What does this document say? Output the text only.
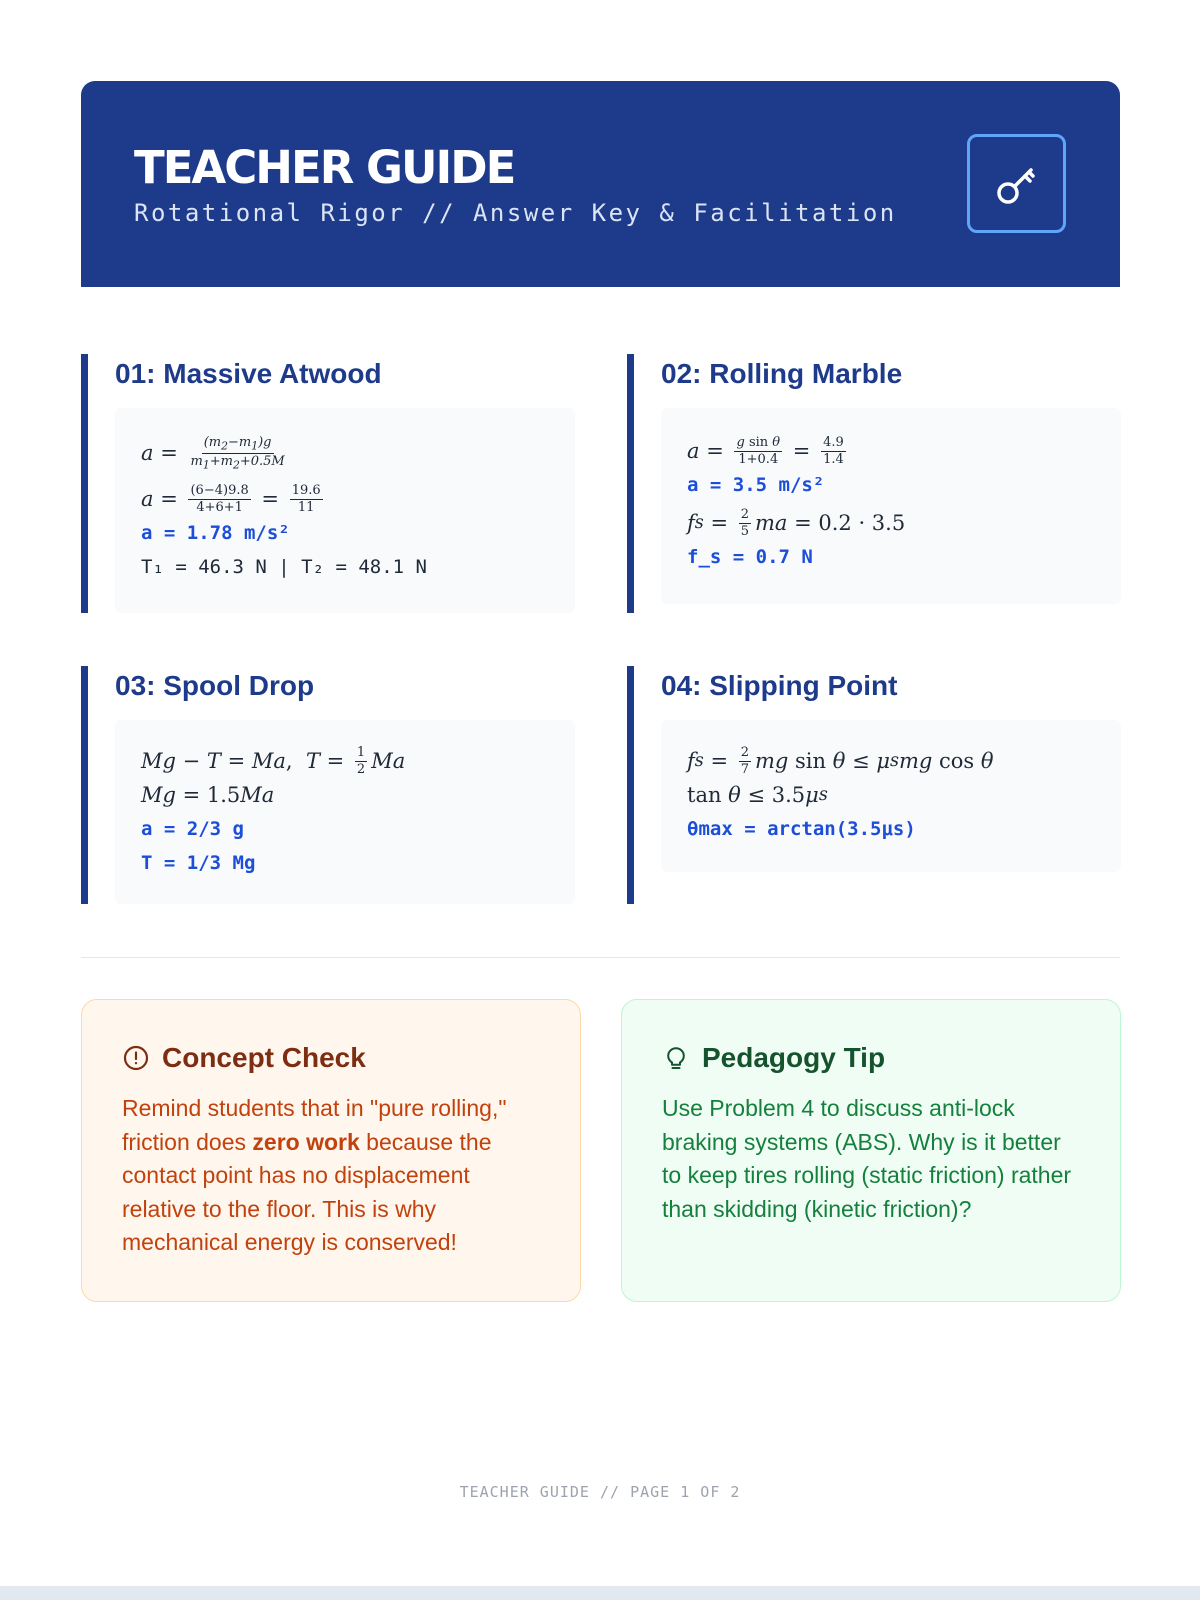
TEACHER GUIDE
Rotational Rigor // Answer Key & Facilitation
01: Massive Atwood
$a = \frac{(m_2-m_1)g}{m_1+m_2+0.5M}$
$a = \frac{(6-4)9.8}{4+6+1} = \frac{19.6}{11}$
a = 1.78 m/s²
T₁ = 46.3 N | T₂ = 48.1 N
02: Rolling Marble
$a = \frac{\text{g sin θ}}{1+0.4} = \frac{4.9}{1.4}$
a = 3.5 m/s²
f $s = \frac{2}{5}$ ma = 0.2 · 3.5
f_s = 0.7 N
03: Spool Drop
Mg − T = Ma , $T = \frac{1}{2}$ Ma
Mg = 1.5 Ma
a = 2/3 g
T = 1/3 Mg
04: Slipping Point
f $s = \frac{2}{7}$ mg sin θ ≤ μ s mg cos θ
tan θ ≤ 3.5 μ s
θmax = arctan(3.5μs)
Concept Check
Remind students that in "pure rolling," friction does zero work because the contact point has no displacement relative to the floor. This is why mechanical energy is conserved!
Pedagogy Tip
Use Problem 4 to discuss anti-lock braking systems (ABS). Why is it better to keep tires rolling (static friction) rather than skidding (kinetic friction)?
TEACHER GUIDE // PAGE 1 OF 2
